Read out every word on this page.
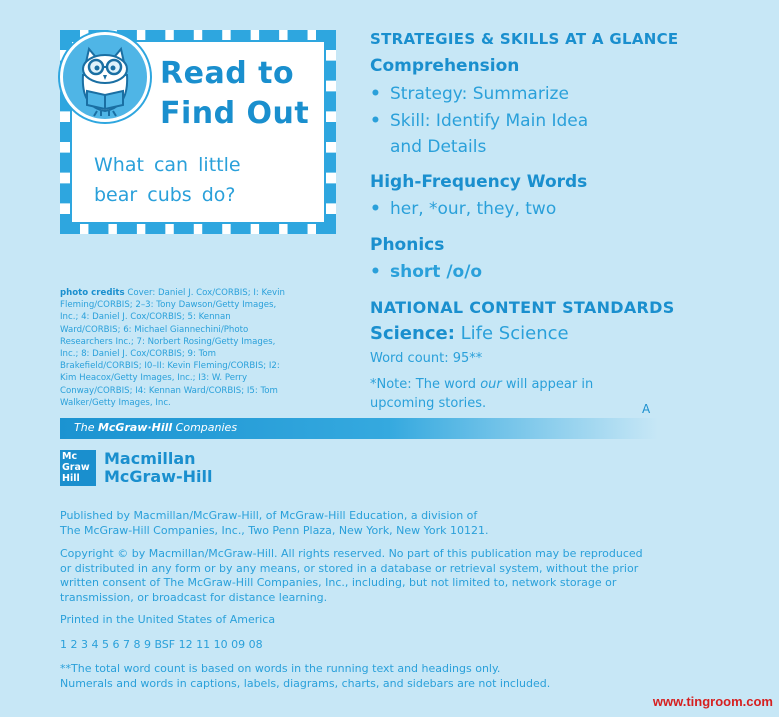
Read to
Find Out
What can little
bear cubs do?
STRATEGIES & SKILLS AT A GLANCE
Comprehension
• Strategy: Summarize
• Skill: Identify Main Idea
and Details
High-Frequency Words
• her, *our, they, two
Phonics
• short /o/o
NATIONAL CONTENT STANDARDS
Science: Life Science
Word count: 95**
*Note: The word our will appear in
upcoming stories.	A
photo credits Cover: Daniel J. Cox/CORBIS; I: Kevin Fleming/CORBIS; 2–3: Tony Dawson/Getty Images, Inc.; 4: Daniel J. Cox/CORBIS; 5: Kennan Ward/CORBIS; 6: Michael Giannechini/Photo Researchers Inc.; 7: Norbert Rosing/Getty Images, Inc.; 8: Daniel J. Cox/CORBIS; 9: Tom Brakefield/CORBIS; I0–II: Kevin Fleming/CORBIS; I2: Kim Heacox/Getty Images, Inc.; I3: W. Perry Conway/CORBIS; I4: Kennan Ward/CORBIS; I5: Tom Walker/Getty Images, Inc.
The McGraw·Hill Companies
Mc
Graw
Hill
Macmillan
McGraw-Hill
Published by Macmillan/McGraw-Hill, of McGraw-Hill Education, a division of
The McGraw-Hill Companies, Inc., Two Penn Plaza, New York, New York 10121.
Copyright © by Macmillan/McGraw-Hill. All rights reserved. No part of this publication may be reproduced
or distributed in any form or by any means, or stored in a database or retrieval system, without the prior
written consent of The McGraw-Hill Companies, Inc., including, but not limited to, network storage or
transmission, or broadcast for distance learning.
Printed in the United States of America
1 2 3 4 5 6 7 8 9 BSF 12 11 10 09 08
**The total word count is based on words in the running text and headings only.
Numerals and words in captions, labels, diagrams, charts, and sidebars are not included.
www.tingroom.com
